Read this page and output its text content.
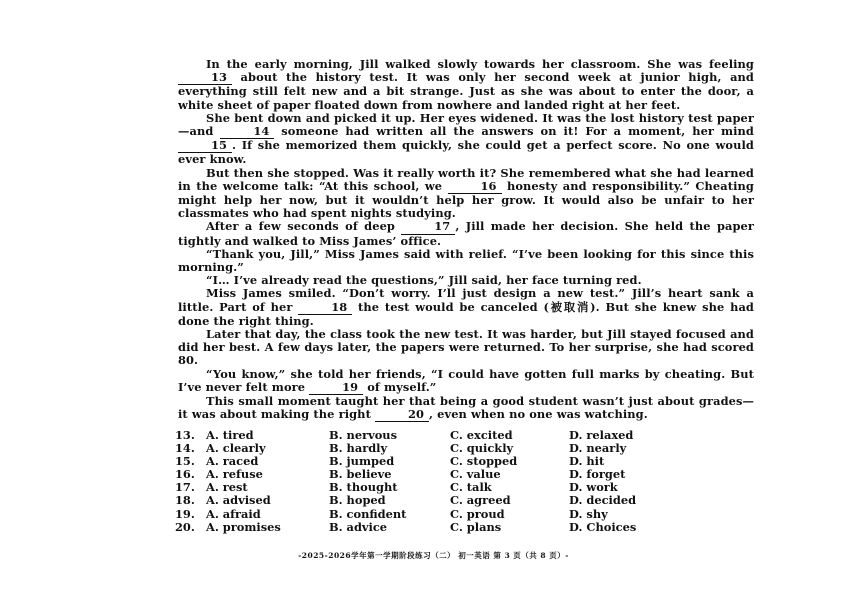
In the early morning, Jill walked slowly towards her classroom. She was feeling 13 about the history test. It was only her second week at junior high, and everything still felt new and a bit strange. Just as she was about to enter the door, a white sheet of paper floated down from nowhere and landed right at her feet.

She bent down and picked it up. Her eyes widened. It was the lost history test paper—and	14 someone had written all the answers on it! For a moment, her mind 15 . If she memorized them quickly, she could get a perfect score. No one would ever know.

But then she stopped. Was it really worth it? She remembered what she had learned in the welcome talk: “At this school, we	16 honesty and responsibility.” Cheating might help her now, but it wouldn’t help her grow. It would also be unfair to her classmates who had spent nights studying.

After a few seconds of deep	17 , Jill made her decision. She held the paper tightly and walked to Miss James’ office.

“Thank you, Jill,” Miss James said with relief. “I’ve been looking for this since this morning.”

“I… I’ve already read the questions,” Jill said, her face turning red.

Miss James smiled. “Don’t worry. I’ll just design a new test.” Jill’s heart sank a little. Part of her	18 the test would be canceled (被取消). But she knew she had done the right thing.

Later that day, the class took the new test. It was harder, but Jill stayed focused and did her best. A few days later, the papers were returned. To her surprise, she had scored 80.

“You know,” she told her friends, “I could have gotten full marks by cheating. But I’ve never felt more	19 of myself.”

This small moment taught her that being a good student wasn’t just about grades—it was about making the right	20 , even when no one was watching.

13. A. tired	B. nervous	C. excited	D. relaxed
14. A. clearly	B. hardly	C. quickly	D. nearly
15. A. raced	B. jumped	C. stopped	D. hit
16. A. refuse	B. believe	C. value	D. forget
17. A. rest	B. thought	C. talk	D. work
18. A. advised	B. hoped	C. agreed	D. decided
19. A. afraid	B. confident	C. proud	D. shy
20. A. promises	B. advice	C. plans	D. Choices
-2025-2026学年第一学期阶段练习（二） 初一英语 第 3 页（共 8 页）-
